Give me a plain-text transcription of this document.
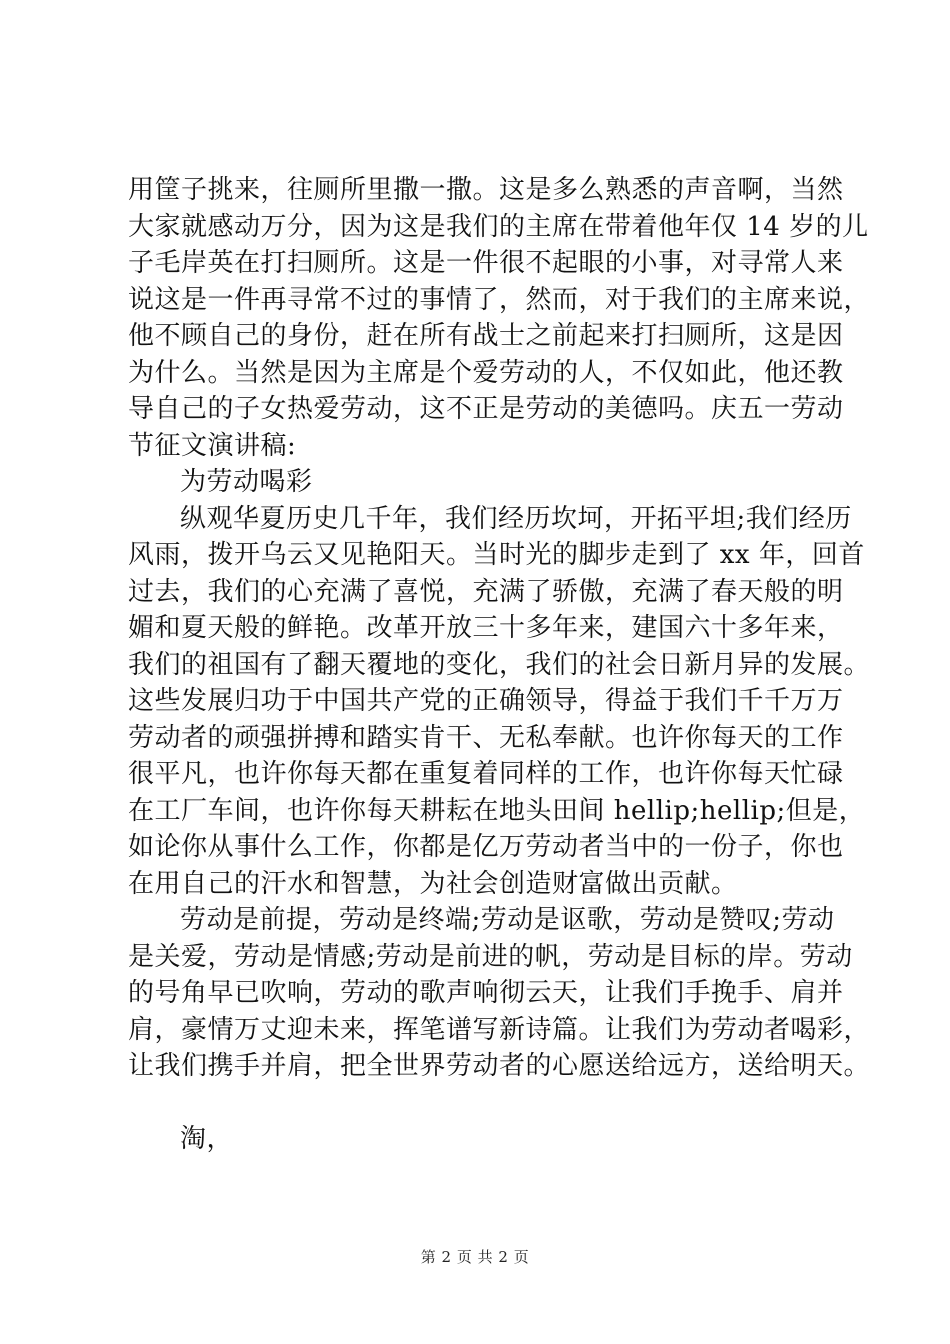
用筐子挑来，往厕所里撒一撒。这是多么熟悉的声音啊，当然
大家就感动万分，因为这是我们的主席在带着他年仅 14 岁的儿
子毛岸英在打扫厕所。这是一件很不起眼的小事，对寻常人来
说这是一件再寻常不过的事情了，然而，对于我们的主席来说，
他不顾自己的身份，赶在所有战士之前起来打扫厕所，这是因
为什么。当然是因为主席是个爱劳动的人，不仅如此，他还教
导自己的子女热爱劳动，这不正是劳动的美德吗。庆五一劳动
节征文演讲稿:
为劳动喝彩
纵观华夏历史几千年，我们经历坎坷，开拓平坦;我们经历
风雨，拨开乌云又见艳阳天。当时光的脚步走到了 xx 年，回首
过去，我们的心充满了喜悦，充满了骄傲，充满了春天般的明
媚和夏天般的鲜艳。改革开放三十多年来，建国六十多年来，
我们的祖国有了翻天覆地的变化，我们的社会日新月异的发展。
这些发展归功于中国共产党的正确领导，得益于我们千千万万
劳动者的顽强拼搏和踏实肯干、无私奉献。也许你每天的工作
很平凡，也许你每天都在重复着同样的工作，也许你每天忙碌
在工厂车间，也许你每天耕耘在地头田间 hellip;hellip;但是，
如论你从事什么工作，你都是亿万劳动者当中的一份子，你也
在用自己的汗水和智慧，为社会创造财富做出贡献。
劳动是前提，劳动是终端;劳动是讴歌，劳动是赞叹;劳动
是关爱，劳动是情感;劳动是前进的帆，劳动是目标的岸。劳动
的号角早已吹响，劳动的歌声响彻云天，让我们手挽手、肩并
肩，豪情万丈迎未来，挥笔谱写新诗篇。让我们为劳动者喝彩，
让我们携手并肩，把全世界劳动者的心愿送给远方，送给明天。
淘，
第 2 页 共 2 页
